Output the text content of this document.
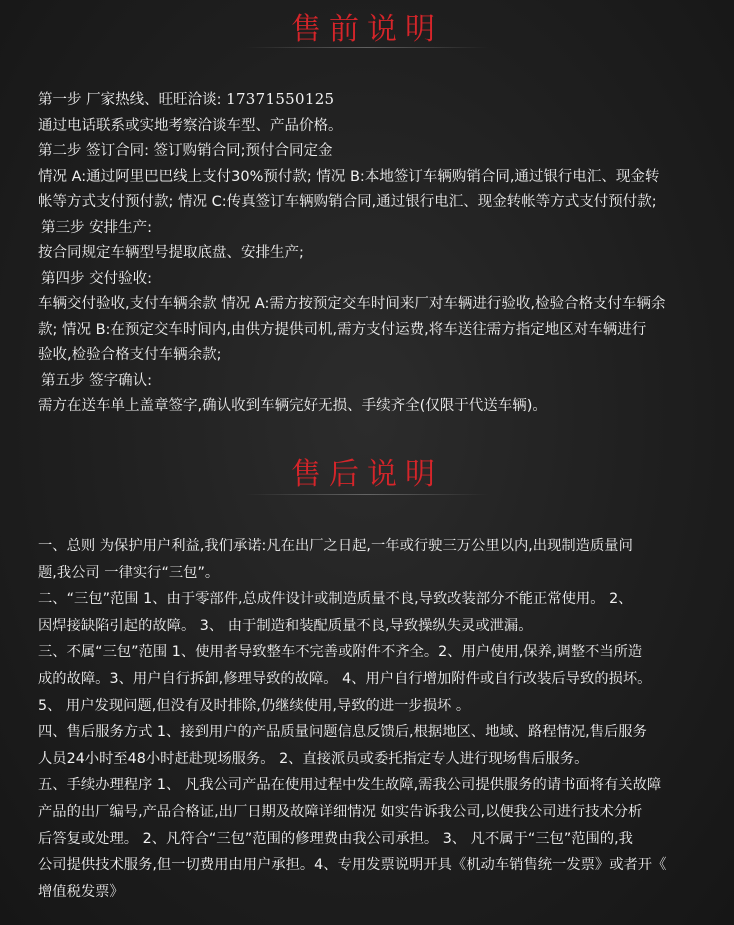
售前说明
第一步 厂家热线、旺旺洽谈: 17371550125
通过电话联系或实地考察洽谈车型、产品价格。
第二步 签订合同: 签订购销合同;预付合同定金
情况 A:通过阿里巴巴线上支付30%预付款; 情况 B:本地签订车辆购销合同,通过银行电汇、现金转
帐等方式支付预付款; 情况 C:传真签订车辆购销合同,通过银行电汇、现金转帐等方式支付预付款;
第三步 安排生产:
按合同规定车辆型号提取底盘、安排生产;
第四步 交付验收:
车辆交付验收,支付车辆余款 情况 A:需方按预定交车时间来厂对车辆进行验收,检验合格支付车辆余
款; 情况 B:在预定交车时间内,由供方提供司机,需方支付运费,将车送往需方指定地区对车辆进行
验收,检验合格支付车辆余款;
第五步 签字确认:
需方在送车单上盖章签字,确认收到车辆完好无损、手续齐全(仅限于代送车辆)。
售后说明
一、总则 为保护用户利益,我们承诺:凡在出厂之日起,一年或行驶三万公里以内,出现制造质量问
题,我公司 一律实行“三包”。
二、“三包”范围 1、由于零部件,总成件设计或制造质量不良,导致改装部分不能正常使用。 2、
因焊接缺陷引起的故障。 3、 由于制造和装配质量不良,导致操纵失灵或泄漏。
三、不属“三包”范围 1、使用者导致整车不完善或附件不齐全。2、用户使用,保养,调整不当所造
成的故障。3、用户自行拆卸,修理导致的故障。 4、用户自行增加附件或自行改装后导致的损坏。
5、 用户发现问题,但没有及时排除,仍继续使用,导致的进一步损坏 。
四、售后服务方式 1、接到用户的产品质量问题信息反馈后,根据地区、地域、路程情况,售后服务
人员24小时至48小时赶赴现场服务。 2、直接派员或委托指定专人进行现场售后服务。
五、手续办理程序 1、 凡我公司产品在使用过程中发生故障,需我公司提供服务的请书面将有关故障
产品的出厂编号,产品合格证,出厂日期及故障详细情况 如实告诉我公司,以便我公司进行技术分析
后答复或处理。 2、凡符合“三包”范围的修理费由我公司承担。 3、 凡不属于“三包”范围的,我
公司提供技术服务,但一切费用由用户承担。4、专用发票说明开具《机动车销售统一发票》或者开《
增值税发票》
